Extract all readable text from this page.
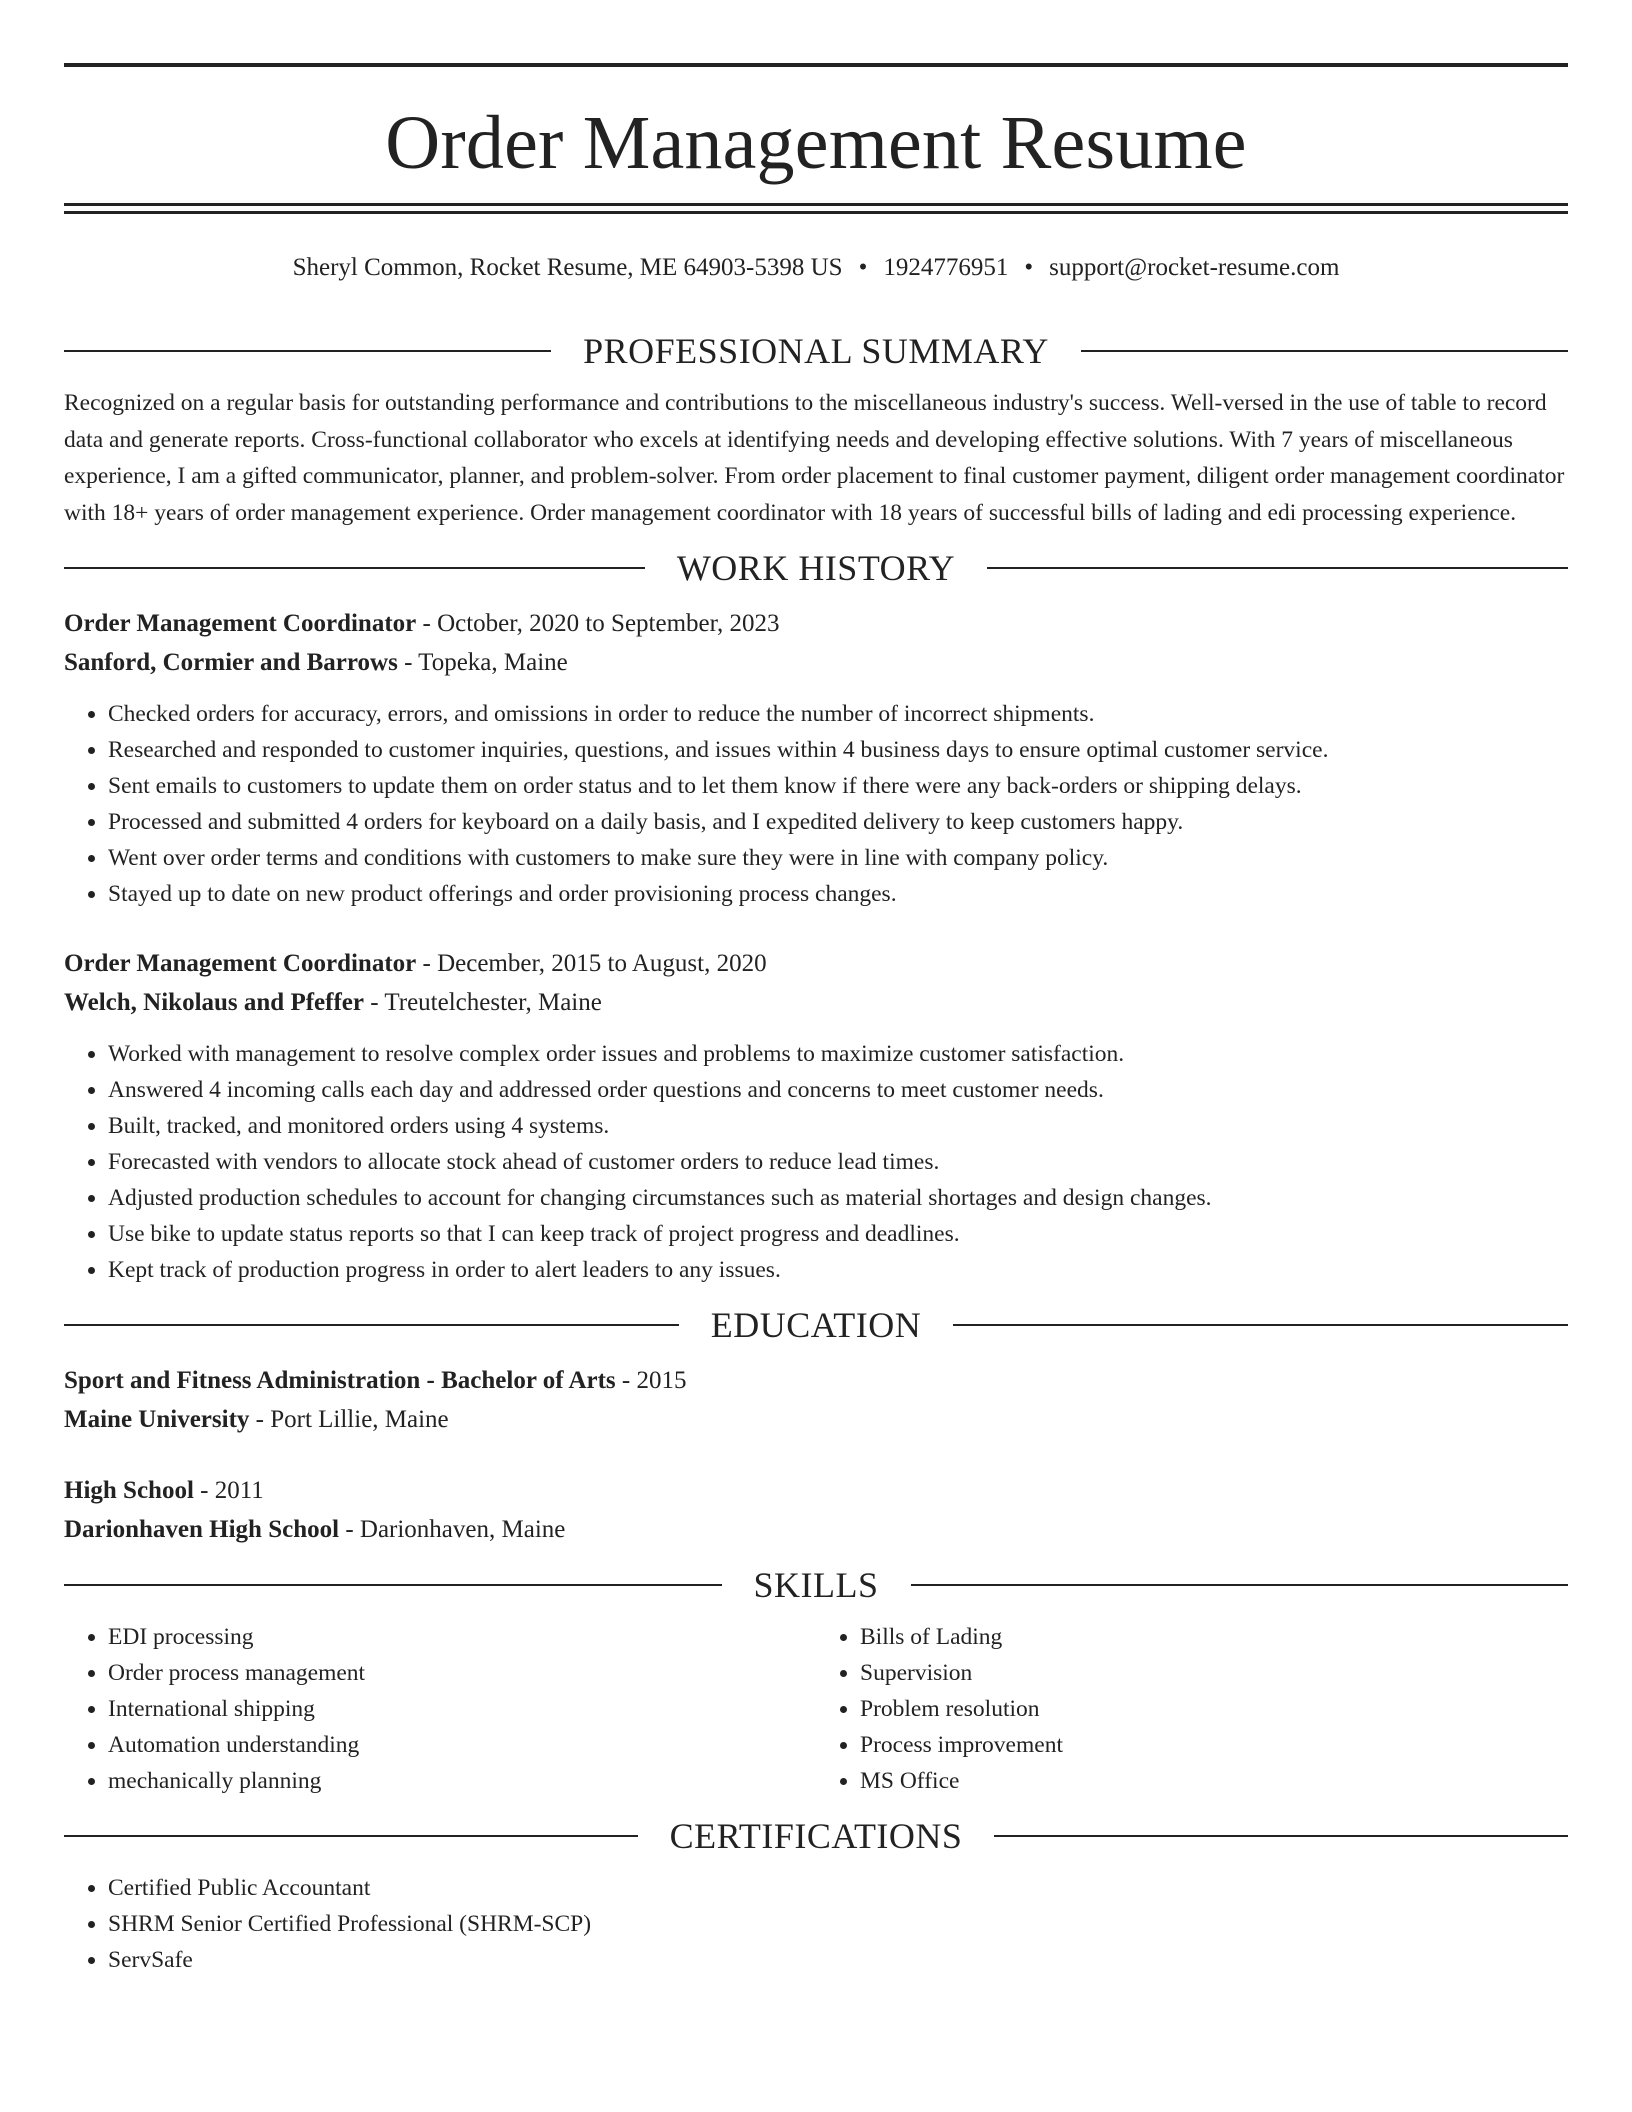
Order Management Resume
Sheryl Common, Rocket Resume, ME 64903-5398 US • 1924776951 • support@rocket-resume.com
PROFESSIONAL SUMMARY

Recognized on a regular basis for outstanding performance and contributions to the miscellaneous industry's success. Well-versed in the use of table to record data and generate reports. Cross-functional collaborator who excels at identifying needs and developing effective solutions. With 7 years of miscellaneous experience, I am a gifted communicator, planner, and problem-solver. From order placement to final customer payment, diligent order management coordinator with 18+ years of order management experience. Order management coordinator with 18 years of successful bills of lading and edi processing experience.

WORK HISTORY

Order Management Coordinator - October, 2020 to September, 2023

Sanford, Cormier and Barrows - Topeka, Maine

• Checked orders for accuracy, errors, and omissions in order to reduce the number of incorrect shipments.
• Researched and responded to customer inquiries, questions, and issues within 4 business days to ensure optimal customer service.
• Sent emails to customers to update them on order status and to let them know if there were any back-orders or shipping delays.
• Processed and submitted 4 orders for keyboard on a daily basis, and I expedited delivery to keep customers happy.
• Went over order terms and conditions with customers to make sure they were in line with company policy.
• Stayed up to date on new product offerings and order provisioning process changes.

Order Management Coordinator - December, 2015 to August, 2020

Welch, Nikolaus and Pfeffer - Treutelchester, Maine

• Worked with management to resolve complex order issues and problems to maximize customer satisfaction.
• Answered 4 incoming calls each day and addressed order questions and concerns to meet customer needs.
• Built, tracked, and monitored orders using 4 systems.
• Forecasted with vendors to allocate stock ahead of customer orders to reduce lead times.
• Adjusted production schedules to account for changing circumstances such as material shortages and design changes.
• Use bike to update status reports so that I can keep track of project progress and deadlines.
• Kept track of production progress in order to alert leaders to any issues.
EDUCATION

Sport and Fitness Administration - Bachelor of Arts - 2015

Maine University - Port Lillie, Maine

High School - 2011

Darionhaven High School - Darionhaven, Maine

SKILLS
• EDI processing
• Order process management
• International shipping
• Automation understanding
• mechanically planning
• Bills of Lading
• Supervision
• Problem resolution
• Process improvement
• MS Office
CERTIFICATIONS
• Certified Public Accountant
• SHRM Senior Certified Professional (SHRM-SCP)
• ServSafe
